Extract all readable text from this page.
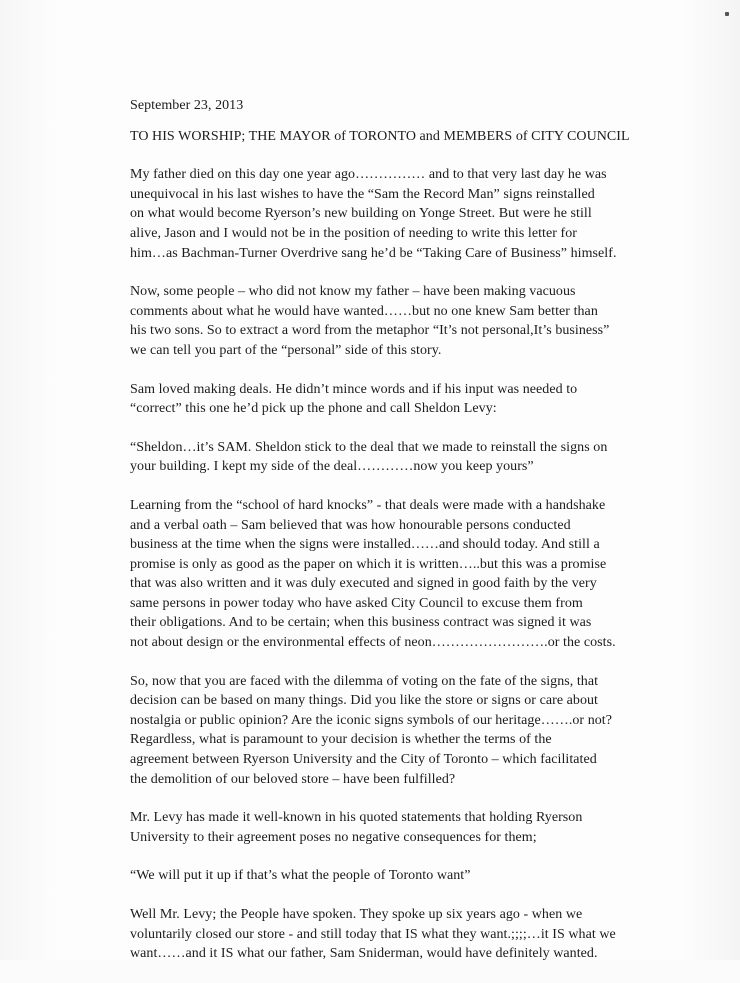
September 23, 2013

TO HIS WORSHIP; THE MAYOR of TORONTO and MEMBERS of CITY COUNCIL

My father died on this day one year ago…………… and to that very last day he was
unequivocal in his last wishes to have the “Sam the Record Man” signs reinstalled
on what would become Ryerson’s new building on Yonge Street. But were he still
alive, Jason and I would not be in the position of needing to write this letter for
him…as Bachman-Turner Overdrive sang he’d be “Taking Care of Business” himself.
Now, some people – who did not know my father – have been making vacuous
comments about what he would have wanted……but no one knew Sam better than
his two sons. So to extract a word from the metaphor “It’s not personal,It’s business”
we can tell you part of the “personal” side of this story.
Sam loved making deals. He didn’t mince words and if his input was needed to
“correct” this one he’d pick up the phone and call Sheldon Levy:
“Sheldon…it’s SAM. Sheldon stick to the deal that we made to reinstall the signs on
your building. I kept my side of the deal…………now you keep yours”
Learning from the “school of hard knocks” - that deals were made with a handshake
and a verbal oath – Sam believed that was how honourable persons conducted
business at the time when the signs were installed……and should today. And still a
promise is only as good as the paper on which it is written…..but this was a promise
that was also written and it was duly executed and signed in good faith by the very
same persons in power today who have asked City Council to excuse them from
their obligations. And to be certain; when this business contract was signed it was
not about design or the environmental effects of neon…………………….or the costs.
So, now that you are faced with the dilemma of voting on the fate of the signs, that
decision can be based on many things. Did you like the store or signs or care about
nostalgia or public opinion? Are the iconic signs symbols of our heritage…….or not?
Regardless, what is paramount to your decision is whether the terms of the
agreement between Ryerson University and the City of Toronto – which facilitated
the demolition of our beloved store – have been fulfilled?
Mr. Levy has made it well-known in his quoted statements that holding Ryerson
University to their agreement poses no negative consequences for them;
“We will put it up if that’s what the people of Toronto want”
Well Mr. Levy; the People have spoken. They spoke up six years ago - when we
voluntarily closed our store - and still today that IS what they want.;;;;…it IS what we
want……and it IS what our father, Sam Sniderman, would have definitely wanted.
